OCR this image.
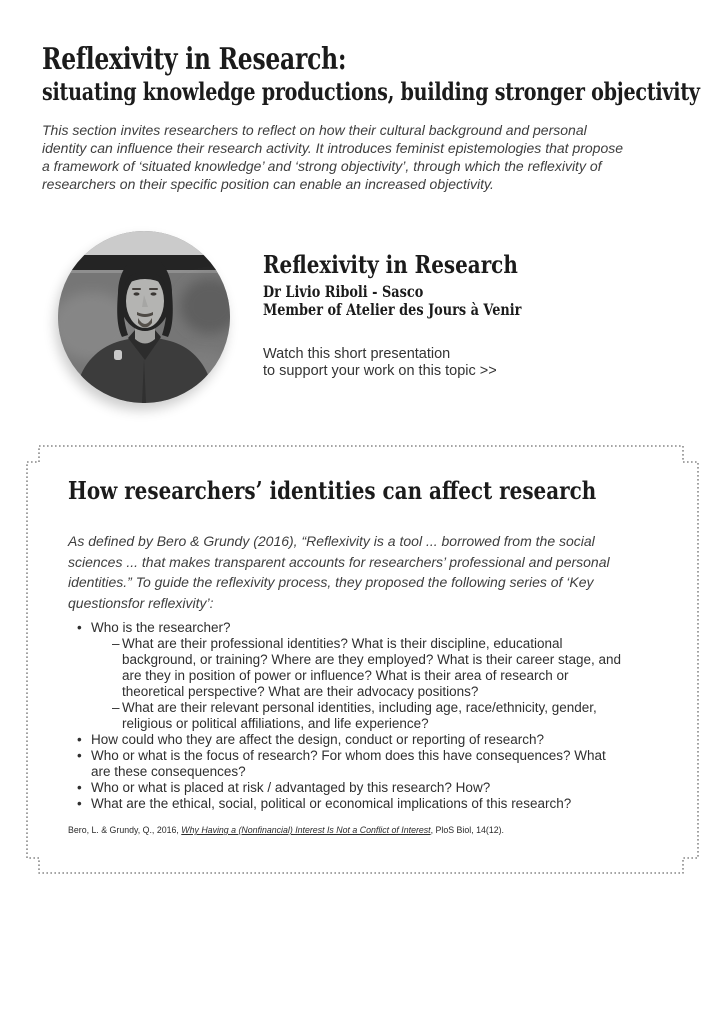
Reflexivity in Research:
situating knowledge productions, building stronger objectivity

This section invites researchers to reflect on how their cultural background and personal identity can influence their research activity. It introduces feminist epistemologies that propose a framework of ‘situated knowledge’ and ‘strong objectivity’, through which the reflexivity of researchers on their specific position can enable an increased objectivity.

Reflexivity in Research

Dr Livio Riboli - Sasco

Member of Atelier des Jours à Venir

Watch this short presentation
to support your work on this topic >>

How researchers’ identities can affect research

As defined by Bero & Grundy (2016), “Reflexivity is a tool ... borrowed from the social sciences ... that makes transparent accounts for researchers’ professional and personal identities.” To guide the reflexivity process, they proposed the following series of ‘Key questionsfor reflexivity’:

• Who is the researcher?
– What are their professional identities? What is their discipline, educational background, or training? Where are they employed? What is their career stage, and are they in position of power or influence? What is their area of research or theoretical perspective? What are their advocacy positions?
– What are their relevant personal identities, including age, race/ethnicity, gender, religious or political affiliations, and life experience?
• How could who they are affect the design, conduct or reporting of research?
• Who or what is the focus of research? For whom does this have consequences? What are these consequences?
• Who or what is placed at risk / advantaged by this research? How?
• What are the ethical, social, political or economical implications of this research?

Bero, L. & Grundy, Q., 2016, Why Having a (Nonfinancial) Interest Is Not a Conflict of Interest, PloS Biol, 14(12).
